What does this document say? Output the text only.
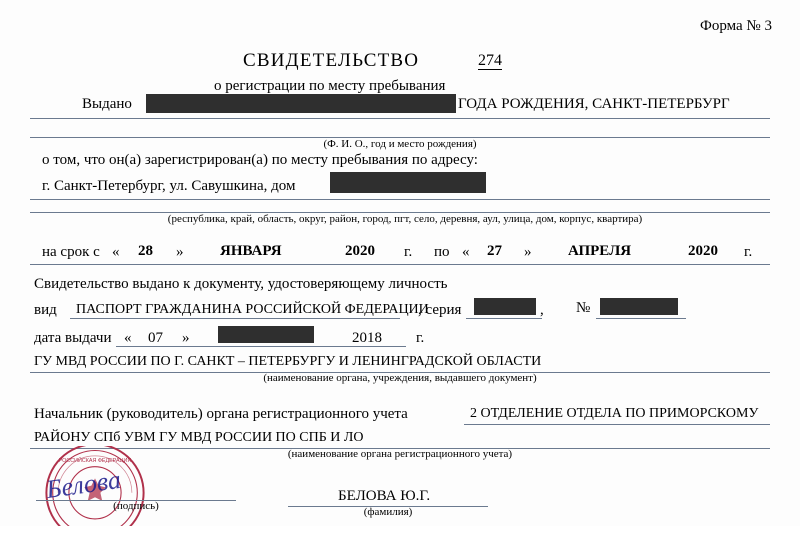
Форма № 3
СВИДЕТЕЛЬСТВО	274
о регистрации по месту пребывания
Выдано	ГОДА РОЖДЕНИЯ, САНКТ-ПЕТЕРБУРГ
(Ф. И. О., год и место рождения)
о том, что он(а) зарегистрирован(а) по месту пребывания по адресу:
г. Санкт-Петербург, ул. Савушкина, дом
(республика, край, область, округ, район, город, пгт, село, деревня, аул, улица, дом, корпус, квартира)
на срок с « 28 » ЯНВАРЯ	2020 г. по « 27 » АПРЕЛЯ	2020 г.
Свидетельство выдано к документу, удостоверяющему личность
вид ПАСПОРТ ГРАЖДАНИНА РОССИЙСКОЙ ФЕДЕРАЦИИ
, серия	, №
дата выдачи « 07 »	2018 г.
ГУ МВД РОССИИ ПО Г. САНКТ – ПЕТЕРБУРГУ И ЛЕНИНГРАДСКОЙ ОБЛАСТИ
(наименование органа, учреждения, выдавшего документ)
Начальник (руководитель) органа регистрационного учета	2 ОТДЕЛЕНИЕ ОТДЕЛА ПО ПРИМОРСКОМУ
РАЙОНУ СПб УВМ ГУ МВД РОССИИ ПО СПБ И ЛО
(наименование органа регистрационного учета)
РОССИЙСКАЯ ФЕДЕРАЦИЯ
Белова
(подпись)
БЕЛОВА Ю.Г.
(фамилия)
